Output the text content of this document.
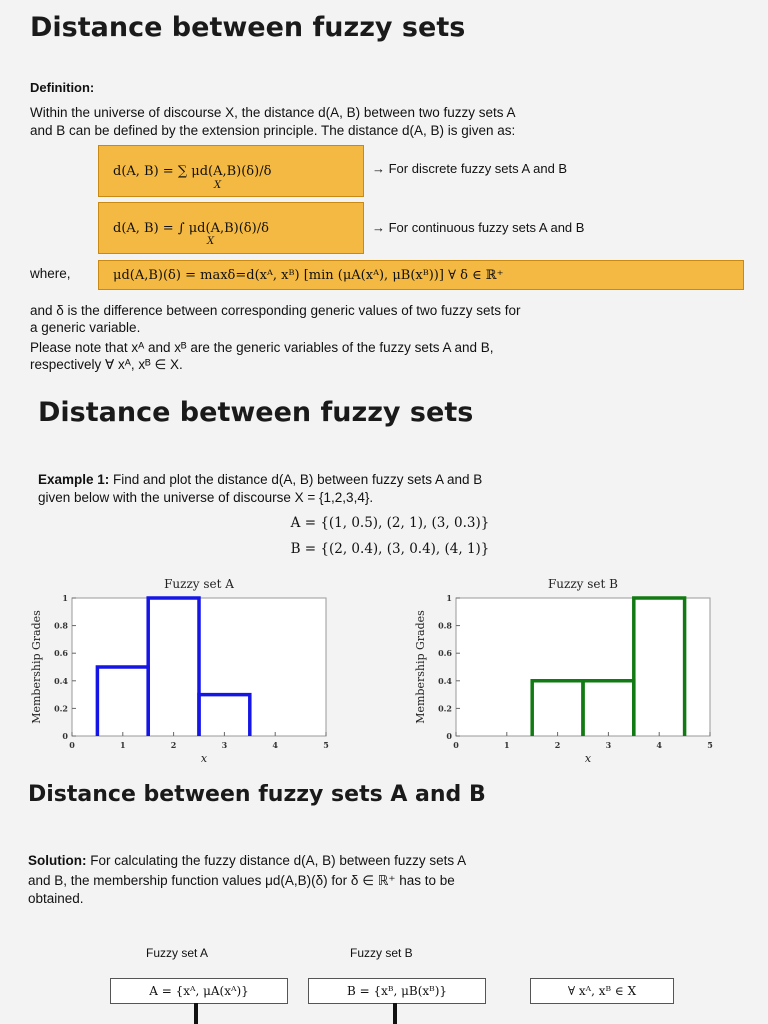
Distance between fuzzy sets
Definition:
Within the universe of discourse X, the distance d(A, B) between two fuzzy sets A
and B can be defined by the extension principle. The distance d(A, B) is given as:
d(A, B) = ∑ μd(A,B)(δ)/δ
X
→ For discrete fuzzy sets A and B
d(A, B) = ∫ μd(A,B)(δ)/δ
X
→ For continuous fuzzy sets A and B
where,	μd(A,B)(δ) = maxδ=d(xᴬ, xᴮ) [min (μA(xᴬ), μB(xᴮ))] ∀ δ ∈ ℝ⁺
and δ is the difference between corresponding generic values of two fuzzy sets for
a generic variable.
Please note that xᴬ and xᴮ are the generic variables of the fuzzy sets A and B,
respectively ∀ xᴬ, xᴮ ∈ X.
Distance between fuzzy sets
Example 1: Find and plot the distance d(A, B) between fuzzy sets A and B
given below with the universe of discourse X = {1,2,3,4}.
A = {(1, 0.5), (2, 1), (3, 0.3)}
B = {(2, 0.4), (3, 0.4), (4, 1)}
Fuzzy set A
0
0.2
0.4
0.6
0.8
1
0	1	2	3	4	5
Membership Grades
x
Fuzzy set B
0
0.2
0.4
0.6
0.8
1
0	1	2	3	4	5
Membership Grades
x
Distance between fuzzy sets A and B
Solution: For calculating the fuzzy distance d(A, B) between fuzzy sets A
and B, the membership function values μd(A,B)(δ) for δ ∈ ℝ⁺ has to be
obtained.
Fuzzy set A	Fuzzy set B
A = {xᴬ, μA(xᴬ)}	B = {xᴮ, μB(xᴮ)}	∀ xᴬ, xᴮ ∈ X
